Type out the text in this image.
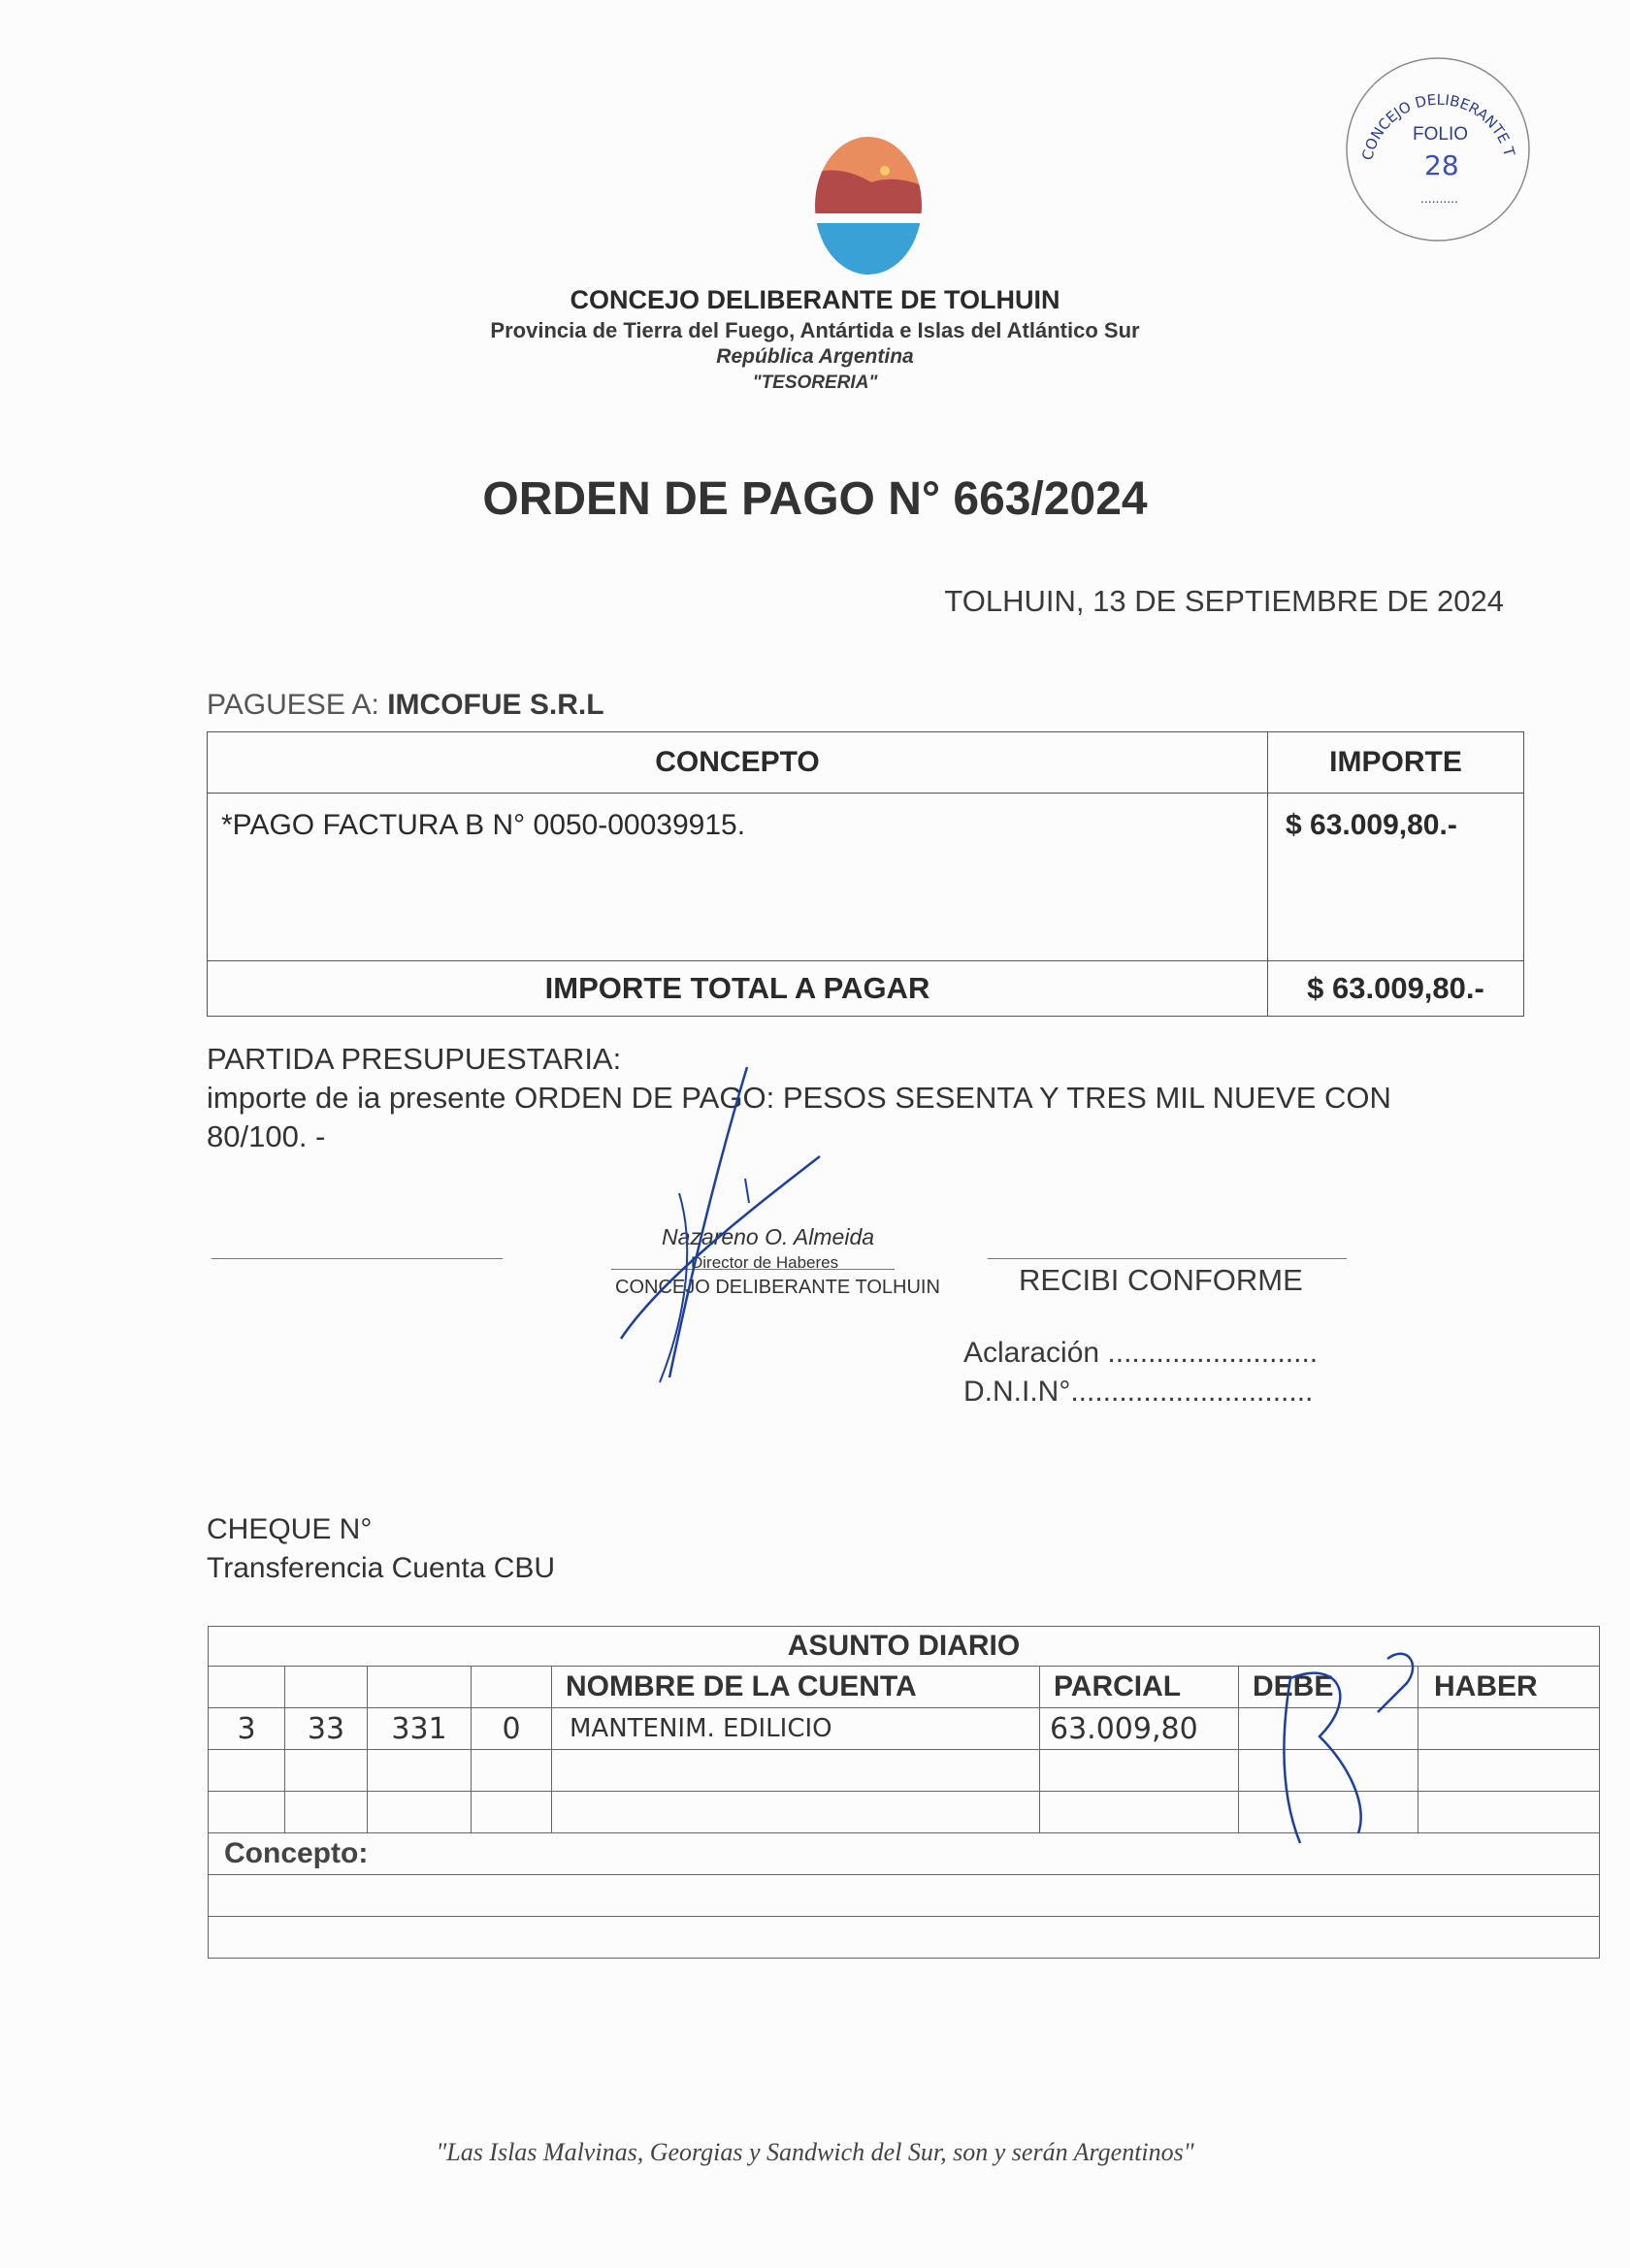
CONCEJO DELIBERANTE T
FOLIO
28
..........
CONCEJO DELIBERANTE DE TOLHUIN
Provincia de Tierra del Fuego, Antártida e Islas del Atlántico Sur
República Argentina
"TESORERIA"
ORDEN DE PAGO N° 663/2024
TOLHUIN, 13 DE SEPTIEMBRE DE 2024
PAGUESE A: IMCOFUE S.R.L
CONCEPTO	IMPORTE
*PAGO FACTURA B N° 0050-00039915.	$ 63.009,80.-
IMPORTE TOTAL A PAGAR	$ 63.009,80.-

PARTIDA PRESUPUESTARIA:

importe de ia presente ORDEN DE PAGO: PESOS SESENTA Y TRES MIL NUEVE CON

80/100. -

Nazareno O. Almeida
Director de Haberes
CONCEJO DELIBERANTE TOLHUIN	RECIBI CONFORME
Aclaración ..........................
D.N.I.N°..............................
CHEQUE N°
Transferencia Cuenta CBU
ASUNTO DIARIO							
				NOMBRE DE LA CUENTA	PARCIAL	DEBE	HABER
3	33	331	0	MANTENIM. EDILICIO	63.009,80		

Concepto:							

"Las Islas Malvinas, Georgias y Sandwich del Sur, son y serán Argentinos"
